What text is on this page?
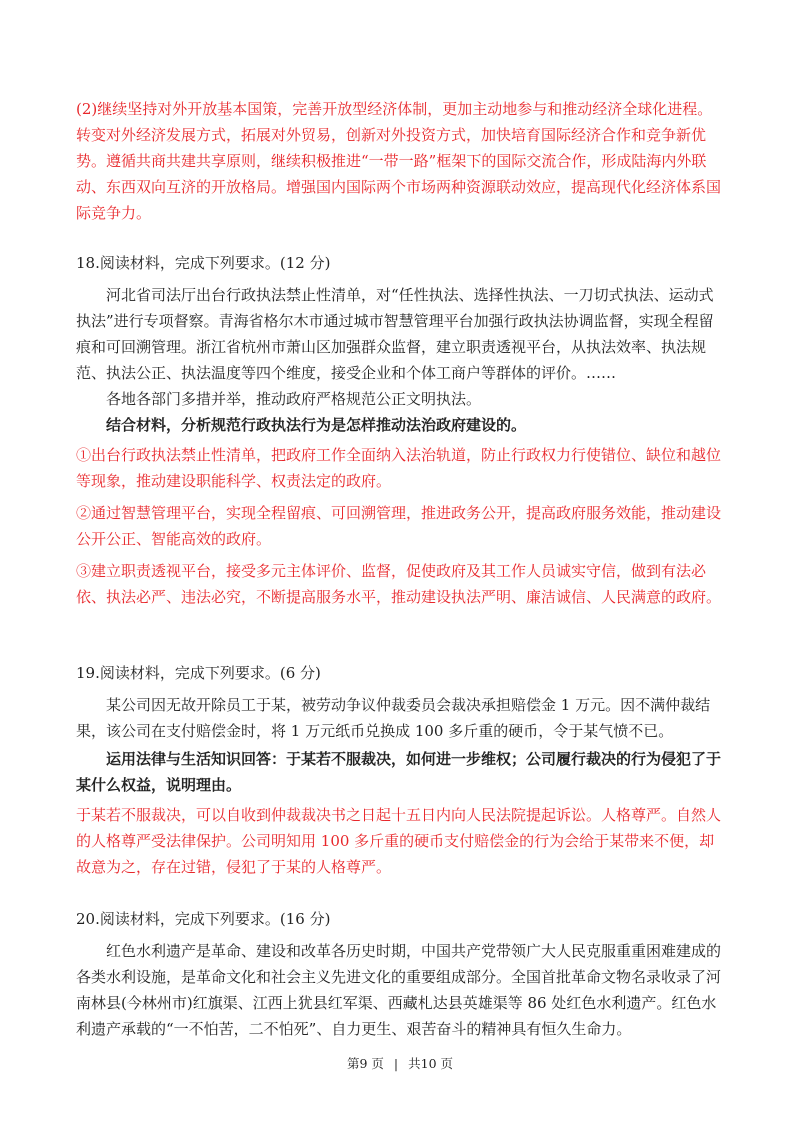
(2)继续坚持对外开放基本国策，完善开放型经济体制，更加主动地参与和推动经济全球化进程。转变对外经济发展方式，拓展对外贸易，创新对外投资方式，加快培育国际经济合作和竞争新优势。遵循共商共建共享原则，继续积极推进“一带一路”框架下的国际交流合作，形成陆海内外联动、东西双向互济的开放格局。增强国内国际两个市场两种资源联动效应，提高现代化经济体系国际竞争力。

18.阅读材料，完成下列要求。(12 分)

河北省司法厅出台行政执法禁止性清单，对“任性执法、选择性执法、一刀切式执法、运动式执法”进行专项督察。青海省格尔木市通过城市智慧管理平台加强行政执法协调监督，实现全程留痕和可回溯管理。浙江省杭州市萧山区加强群众监督，建立职责透视平台，从执法效率、执法规范、执法公正、执法温度等四个维度，接受企业和个体工商户等群体的评价。……

各地各部门多措并举，推动政府严格规范公正文明执法。

结合材料，分析规范行政执法行为是怎样推动法治政府建设的。

①出台行政执法禁止性清单，把政府工作全面纳入法治轨道，防止行政权力行使错位、缺位和越位等现象，推动建设职能科学、权责法定的政府。

②通过智慧管理平台，实现全程留痕、可回溯管理，推进政务公开，提高政府服务效能，推动建设公开公正、智能高效的政府。

③建立职责透视平台，接受多元主体评价、监督，促使政府及其工作人员诚实守信，做到有法必依、执法必严、违法必究，不断提高服务水平，推动建设执法严明、廉洁诚信、人民满意的政府。

19.阅读材料，完成下列要求。(6 分)

某公司因无故开除员工于某，被劳动争议仲裁委员会裁决承担赔偿金 1 万元。因不满仲裁结果，该公司在支付赔偿金时，将 1 万元纸币兑换成 100 多斤重的硬币，令于某气愤不已。

运用法律与生活知识回答：于某若不服裁决，如何进一步维权；公司履行裁决的行为侵犯了于某什么权益，说明理由。

于某若不服裁决，可以自收到仲裁裁决书之日起十五日内向人民法院提起诉讼。人格尊严。自然人的人格尊严受法律保护。公司明知用 100 多斤重的硬币支付赔偿金的行为会给于某带来不便，却故意为之，存在过错，侵犯了于某的人格尊严。

20.阅读材料，完成下列要求。(16 分)

红色水利遗产是革命、建设和改革各历史时期，中国共产党带领广大人民克服重重困难建成的各类水利设施，是革命文化和社会主义先进文化的重要组成部分。全国首批革命文物名录收录了河南林县(今林州市)红旗渠、江西上犹县红军渠、西藏札达县英雄渠等 86 处红色水利遗产。红色水利遗产承载的“一不怕苦，二不怕死”、自力更生、艰苦奋斗的精神具有恒久生命力。

第9 页 | 共10 页
